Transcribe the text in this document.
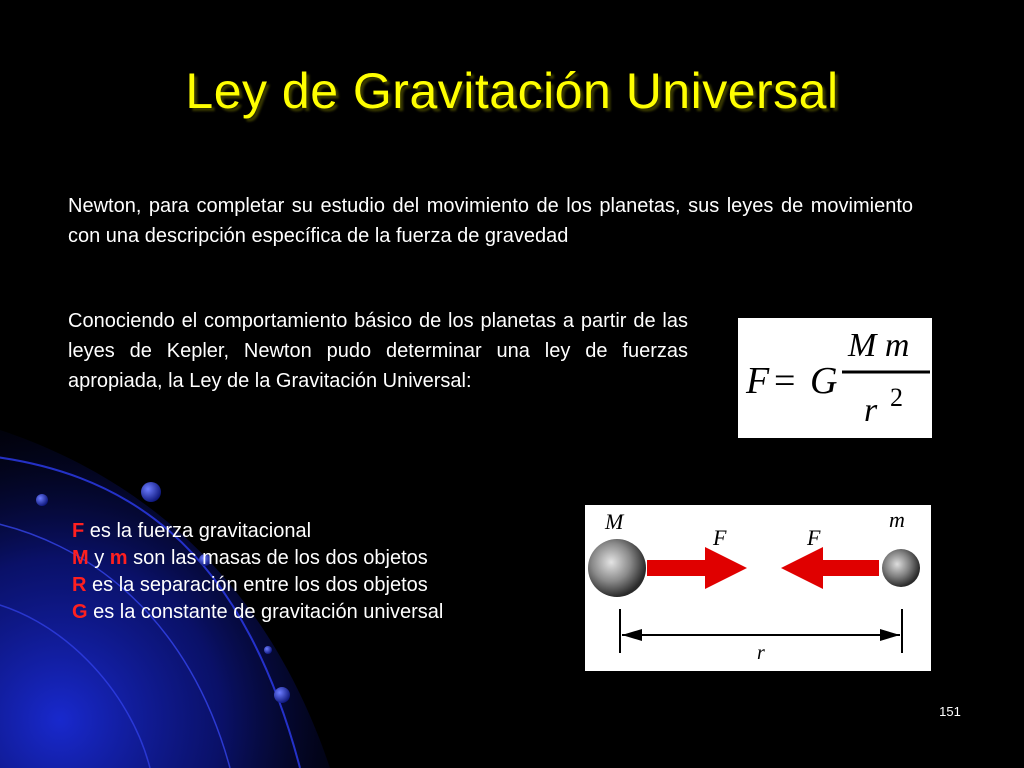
Ley de Gravitación Universal

Newton, para completar su estudio del movimiento de los planetas, sus leyes de movimiento con una descripción específica de la fuerza de gravedad

Conociendo el comportamiento básico de los planetas a partir de las leyes de Kepler, Newton pudo determinar una ley de fuerzas apropiada, la Ley de la Gravitación Universal:	F = G
M m
r 2
M	m
F	F
r
F es la fuerza gravitacional
M y m son las masas de los dos objetos
R es la separación entre los dos objetos
G es la constante de gravitación universal
151
